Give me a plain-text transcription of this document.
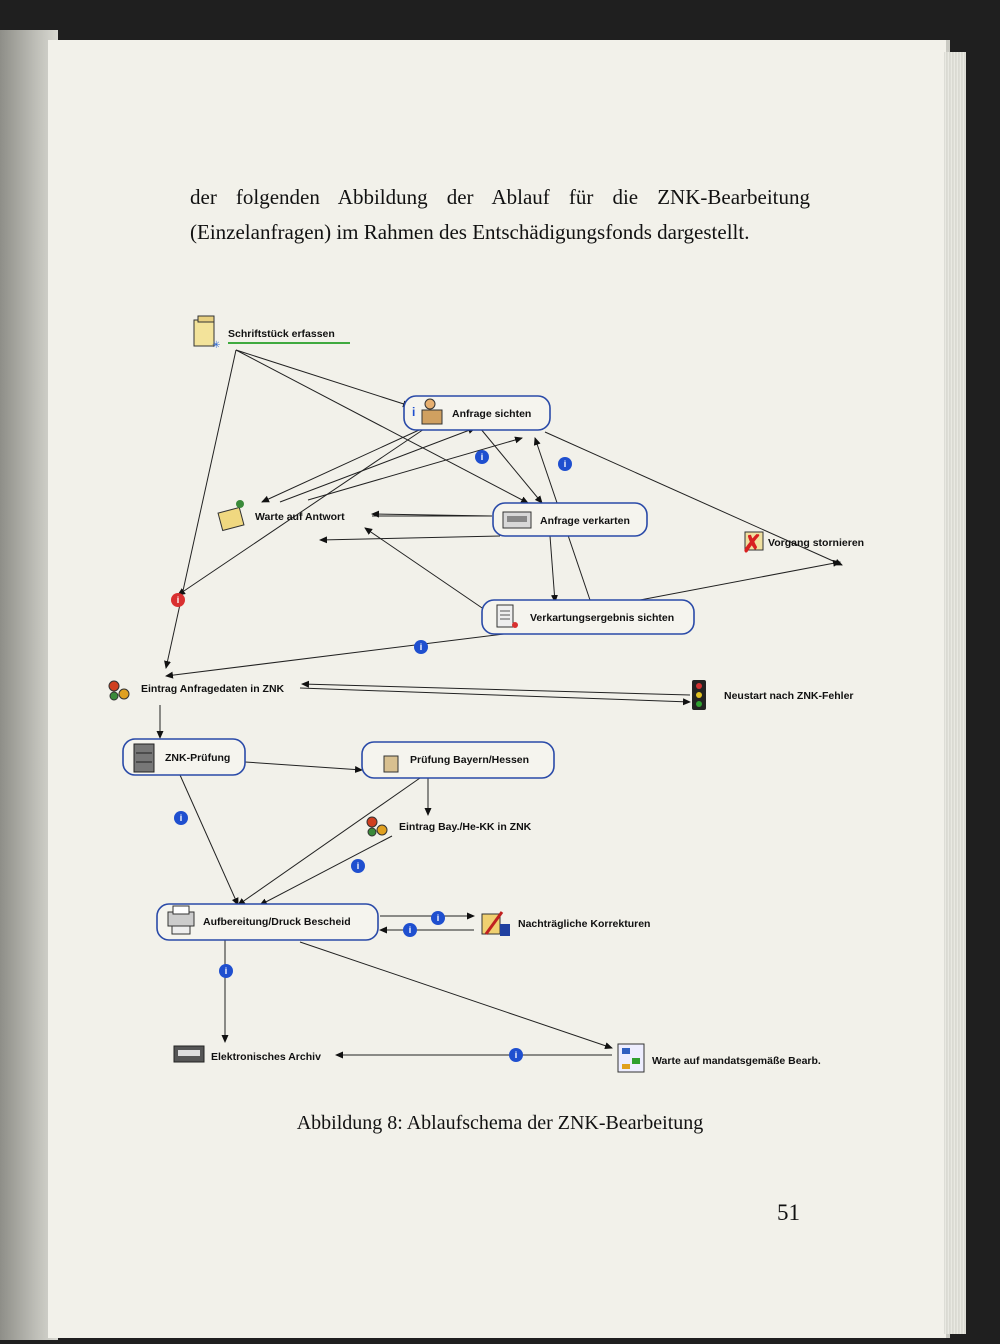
der folgenden Abbildung der Ablauf für die ZNK-Bearbeitung (Einzelanfragen) im Rahmen des Entschädigungsfonds dargestellt.
i
i
i
i
i
i
i
i
i
i
✳
i
✗
Schriftstück erfassen
Anfrage sichten
Warte auf Antwort	Anfrage verkarten
Vorgang stornieren
Verkartungsergebnis sichten
Eintrag Anfragedaten in ZNK
Neustart nach ZNK-Fehler
ZNK-Prüfung	Prüfung Bayern/Hessen
Eintrag Bay./He-KK in ZNK
Aufbereitung/Druck Bescheid	Nachträgliche Korrekturen
Elektronisches Archiv	Warte auf mandatsgemäße Bearb.
Abbildung 8: Ablaufschema der ZNK-Bearbeitung
51
